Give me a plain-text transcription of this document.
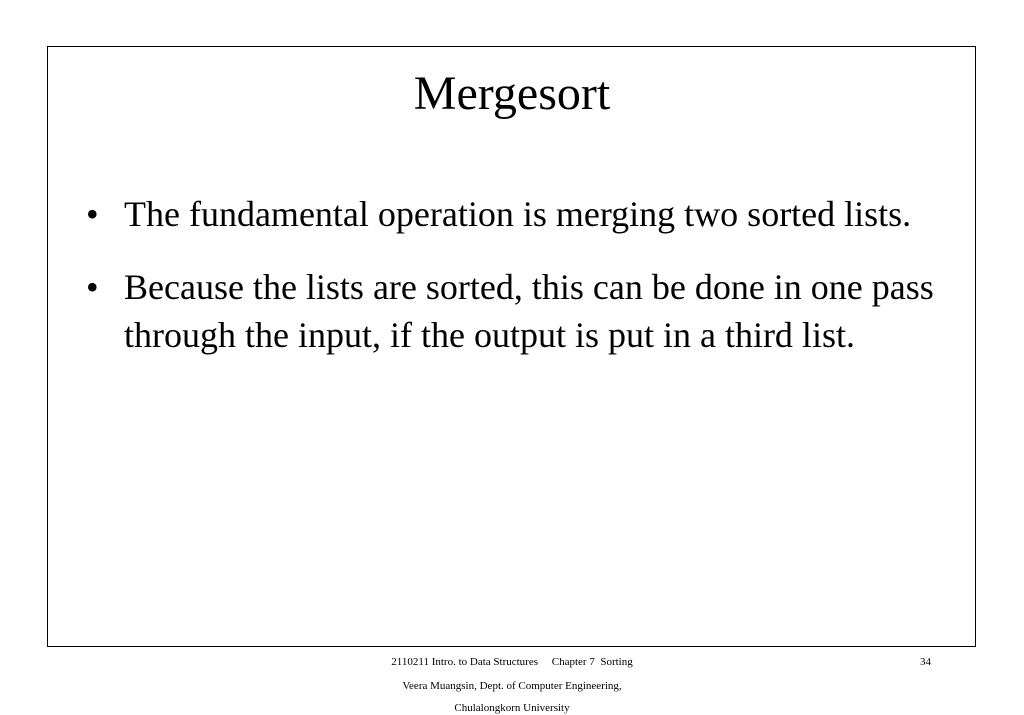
Mergesort
• The fundamental operation is merging two sorted lists.
• Because the lists are sorted, this can be done in one pass through the input, if the output is put in a third list.
2110211 Intro. to Data Structures     Chapter 7  Sorting	34
Veera Muangsin, Dept. of Computer Engineering,
Chulalongkorn University
